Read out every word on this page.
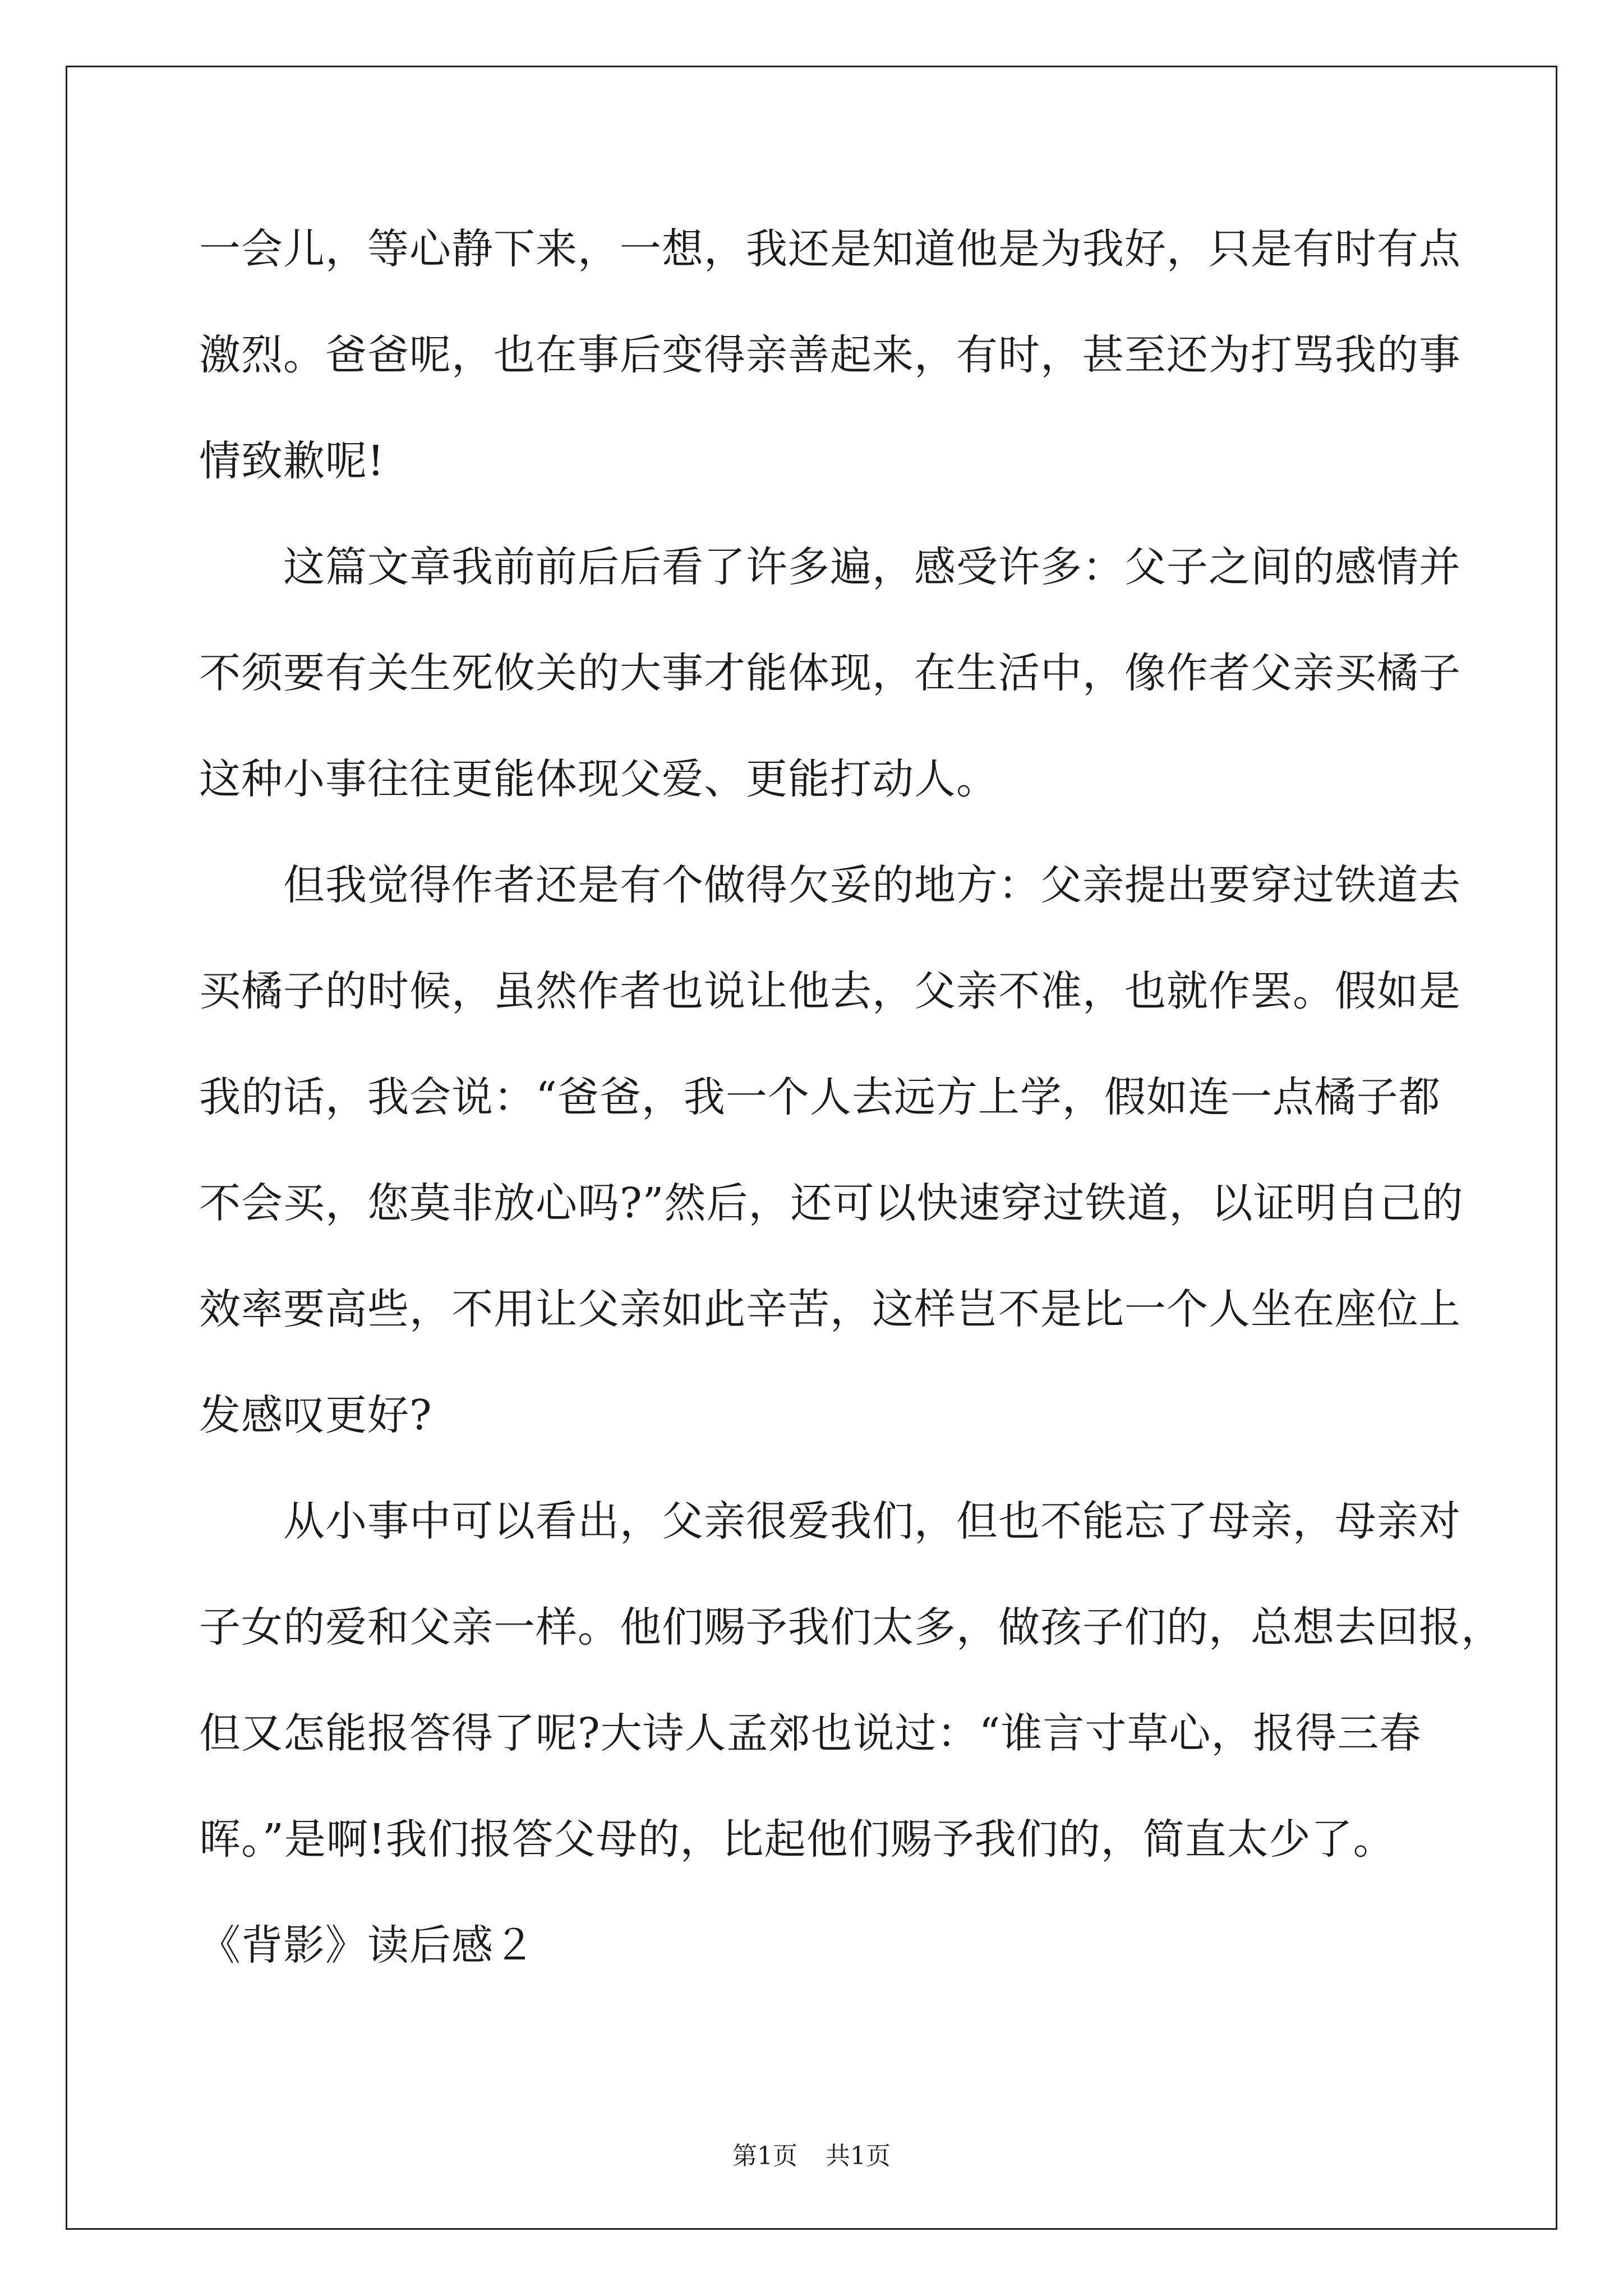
一会儿，等心静下来，一想，我还是知道他是为我好，只是有时有点
激烈。爸爸呢，也在事后变得亲善起来，有时，甚至还为打骂我的事
情致歉呢!
这篇文章我前前后后看了许多遍，感受许多：父子之间的感情并
不须要有关生死攸关的大事才能体现，在生活中，像作者父亲买橘子
这种小事往往更能体现父爱、更能打动人。
但我觉得作者还是有个做得欠妥的地方：父亲提出要穿过铁道去
买橘子的时候，虽然作者也说让他去，父亲不准，也就作罢。假如是
我的话，我会说：“爸爸，我一个人去远方上学，假如连一点橘子都
不会买，您莫非放心吗?”然后，还可以快速穿过铁道，以证明自己的
效率要高些，不用让父亲如此辛苦，这样岂不是比一个人坐在座位上
发感叹更好?
从小事中可以看出，父亲很爱我们，但也不能忘了母亲，母亲对
子女的爱和父亲一样。他们赐予我们太多，做孩子们的，总想去回报，
但又怎能报答得了呢?大诗人孟郊也说过：“谁言寸草心，报得三春
晖。”是啊!我们报答父母的，比起他们赐予我们的，简直太少了。
《背影》读后感２
第1页 共1页
